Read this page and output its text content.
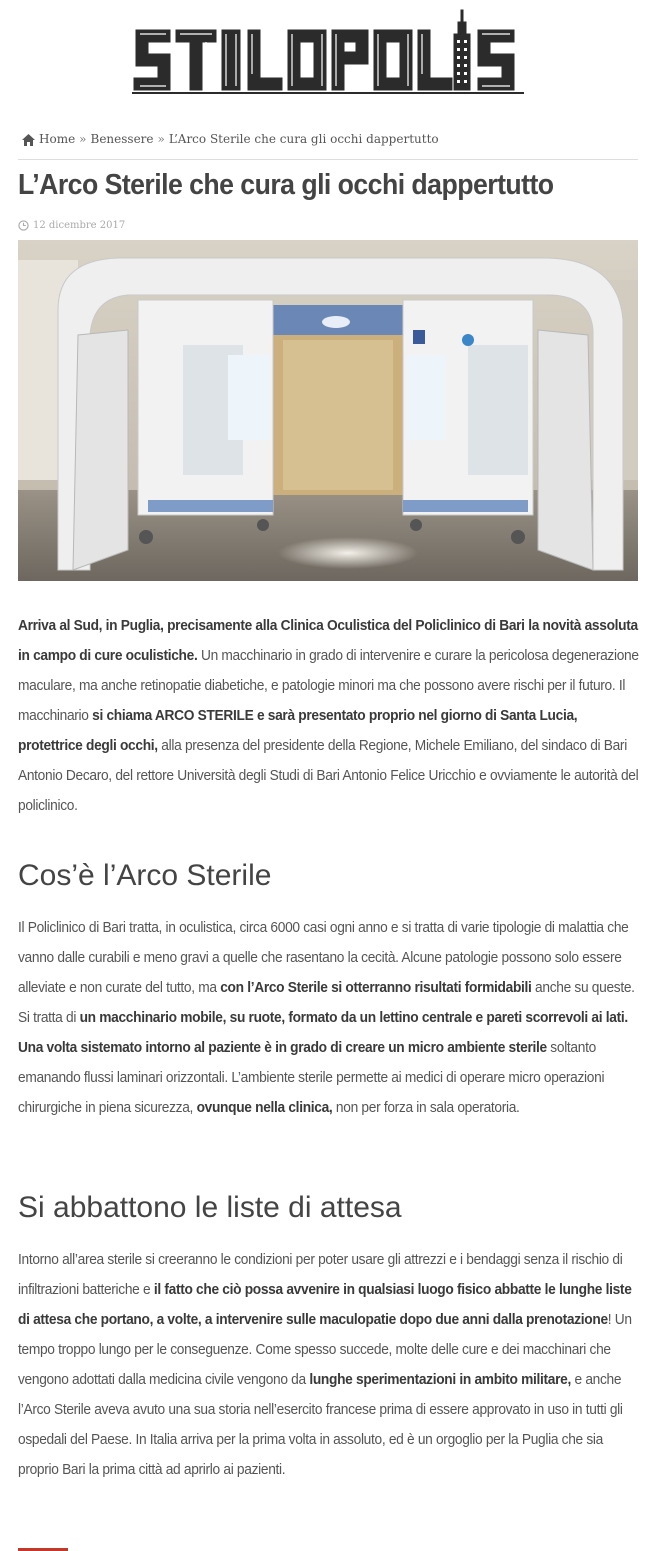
Home » Benessere » L’Arco Sterile che cura gli occhi dappertutto
L’Arco Sterile che cura gli occhi dappertutto
12 dicembre 2017

Arriva al Sud, in Puglia, precisamente alla Clinica Oculistica del Policlinico di Bari la novità assoluta in campo di cure oculistiche. Un macchinario in grado di intervenire e curare la pericolosa degenerazione maculare, ma anche retinopatie diabetiche, e patologie minori ma che possono avere rischi per il futuro. Il macchinario si chiama ARCO STERILE e sarà presentato proprio nel giorno di Santa Lucia, protettrice degli occhi, alla presenza del presidente della Regione, Michele Emiliano, del sindaco di Bari Antonio Decaro, del rettore Università degli Studi di Bari Antonio Felice Uricchio e ovviamente le autorità del policlinico.

Cos’è l’Arco Sterile

Il Policlinico di Bari tratta, in oculistica, circa 6000 casi ogni anno e si tratta di varie tipologie di malattia che vanno dalle curabili e meno gravi a quelle che rasentano la cecità. Alcune patologie possono solo essere alleviate e non curate del tutto, ma con l’Arco Sterile si otterranno risultati formidabili anche su queste. Si tratta di un macchinario mobile, su ruote, formato da un lettino centrale e pareti scorrevoli ai lati. Una volta sistemato intorno al paziente è in grado di creare un micro ambiente sterile soltanto emanando flussi laminari orizzontali. L’ambiente sterile permette ai medici di operare micro operazioni chirurgiche in piena sicurezza, ovunque nella clinica, non per forza in sala operatoria.

Si abbattono le liste di attesa

Intorno all’area sterile si creeranno le condizioni per poter usare gli attrezzi e i bendaggi senza il rischio di infiltrazioni batteriche e il fatto che ciò possa avvenire in qualsiasi luogo fisico abbatte le lunghe liste di attesa che portano, a volte, a intervenire sulle maculopatie dopo due anni dalla prenotazione! Un tempo troppo lungo per le conseguenze. Come spesso succede, molte delle cure e dei macchinari che vengono adottati dalla medicina civile vengono da lunghe sperimentazioni in ambito militare, e anche l’Arco Sterile aveva avuto una sua storia nell’esercito francese prima di essere approvato in uso in tutti gli ospedali del Paese. In Italia arriva per la prima volta in assoluto, ed è un orgoglio per la Puglia che sia proprio Bari la prima città ad aprirlo ai pazienti.
